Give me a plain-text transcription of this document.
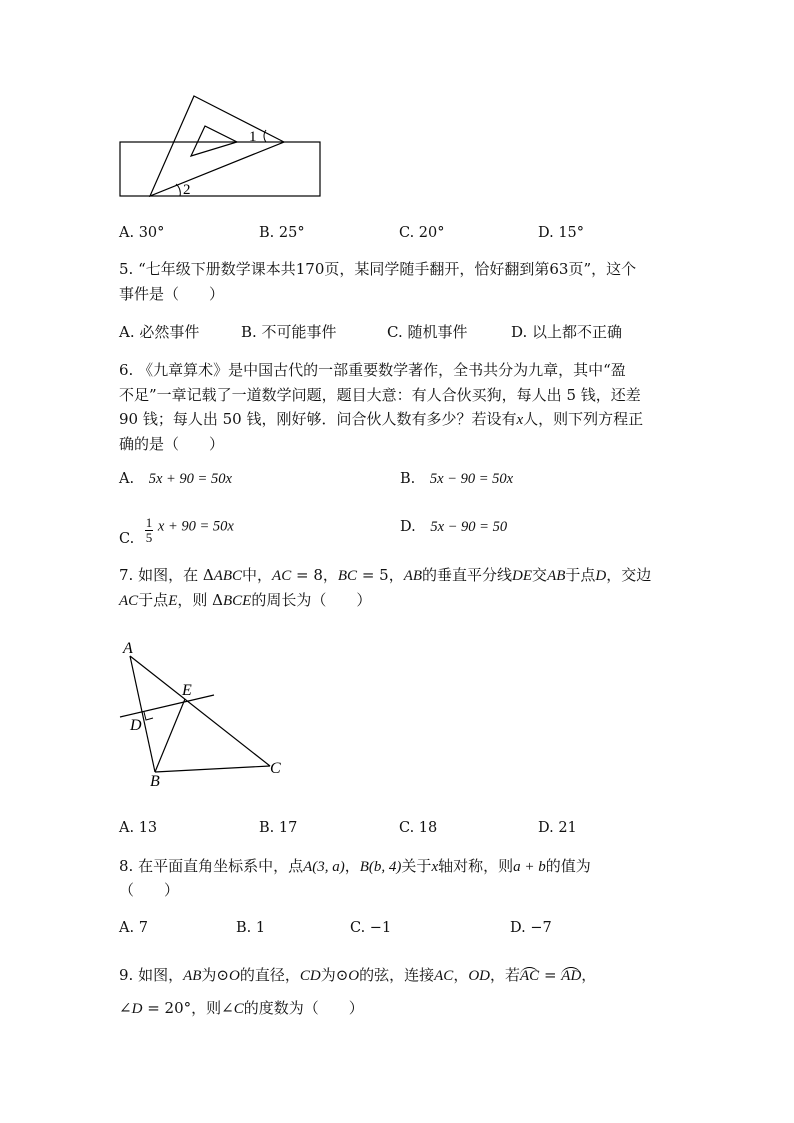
1
2
A. 30°	B. 25°	C. 20°	D. 15°
5. “七年级下册数学课本共170页，某同学随手翻开，恰好翻到第63页”，这个
事件是（　　）
A. 必然事件	B. 不可能事件	C. 随机事件	D. 以上都不正确
6. 《九章算术》是中国古代的一部重要数学著作，全书共分为九章，其中“盈
不足”一章记载了一道数学问题，题目大意：有人合伙买狗，每人出 5 钱，还差
90 钱；每人出 50 钱，刚好够．问合伙人数有多少？若设有x人，则下列方程正
确的是（　　）
A. 5x + 90 = 50x	B. 5x − 90 = 50x
C. $\frac{1}{5}$ x + 90 = 50x	D. 5x − 90 = 50
7. 如图，在 ΔABC中，AC = 8，BC = 5，AB的垂直平分线DE交AB于点D，交边
AC于点E，则 ΔBCE的周长为（　　）
A
B
C
D
E
A. 13	B. 17	C. 18	D. 21
8. 在平面直角坐标系中，点A(3, a)，B(b, 4)关于x轴对称，则a + b的值为
（　　）
A. 7	B. 1	C. −1	D. −7
9. 如图，AB为⊙O的直径，CD为⊙O的弦，连接AC，OD，若AC = AD，
∠D = 20°，则∠C的度数为（　　）
